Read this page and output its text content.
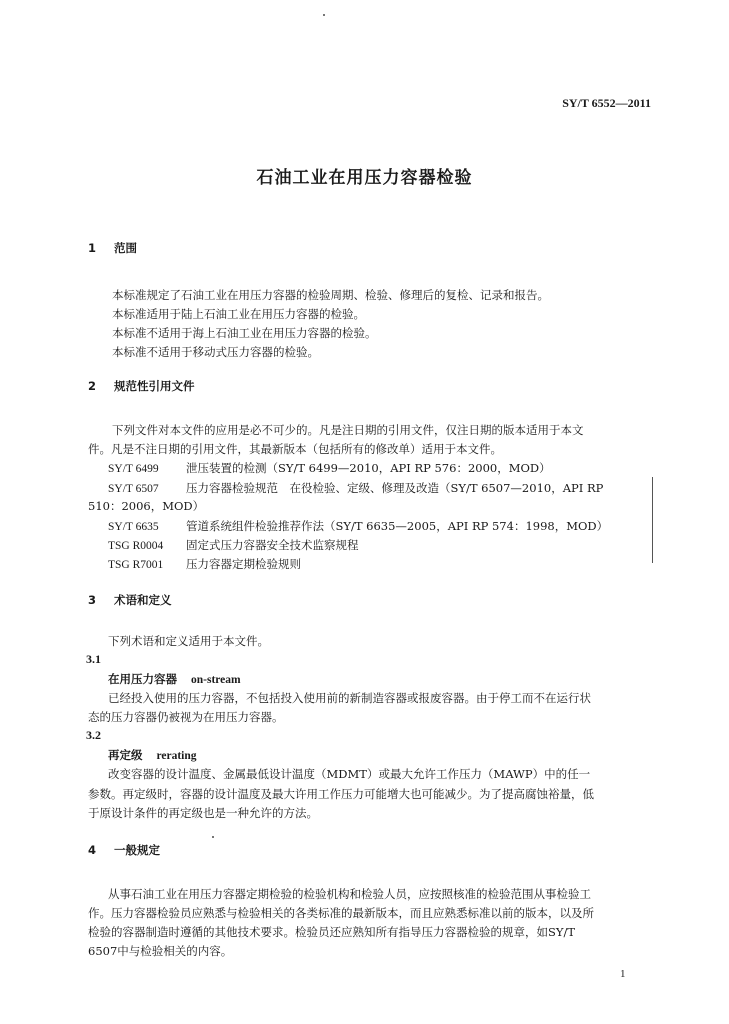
SY/T 6552—2011
石油工业在用压力容器检验
1 范围
本标准规定了石油工业在用压力容器的检验周期、检验、修理后的复检、记录和报告。
本标准适用于陆上石油工业在用压力容器的检验。
本标准不适用于海上石油工业在用压力容器的检验。
本标准不适用于移动式压力容器的检验。
2 规范性引用文件
下列文件对本文件的应用是必不可少的。凡是注日期的引用文件，仅注日期的版本适用于本文
件。凡是不注日期的引用文件，其最新版本（包括所有的修改单）适用于本文件。
SY/T 6499 泄压装置的检测（SY/T 6499—2010，API RP 576：2000，MOD）
SY/T 6507 压力容器检验规范　在役检验、定级、修理及改造（SY/T 6507—2010，API RP
510：2006，MOD）
SY/T 6635 管道系统组件检验推荐作法（SY/T 6635—2005，API RP 574：1998，MOD）
TSG R0004 固定式压力容器安全技术监察规程
TSG R7001 压力容器定期检验规则
3 术语和定义
下列术语和定义适用于本文件。
3.1
在用压力容器 on-stream
已经投入使用的压力容器，不包括投入使用前的新制造容器或报废容器。由于停工而不在运行状
态的压力容器仍被视为在用压力容器。
3.2
再定级 rerating
改变容器的设计温度、金属最低设计温度（MDMT）或最大允许工作压力（MAWP）中的任一
参数。再定级时，容器的设计温度及最大许用工作压力可能增大也可能减少。为了提高腐蚀裕量，低
于原设计条件的再定级也是一种允许的方法。
4 一般规定
从事石油工业在用压力容器定期检验的检验机构和检验人员，应按照核准的检验范围从事检验工
作。压力容器检验员应熟悉与检验相关的各类标准的最新版本，而且应熟悉标准以前的版本，以及所
检验的容器制造时遵循的其他技术要求。检验员还应熟知所有指导压力容器检验的规章，如SY/T
6507中与检验相关的内容。
1
